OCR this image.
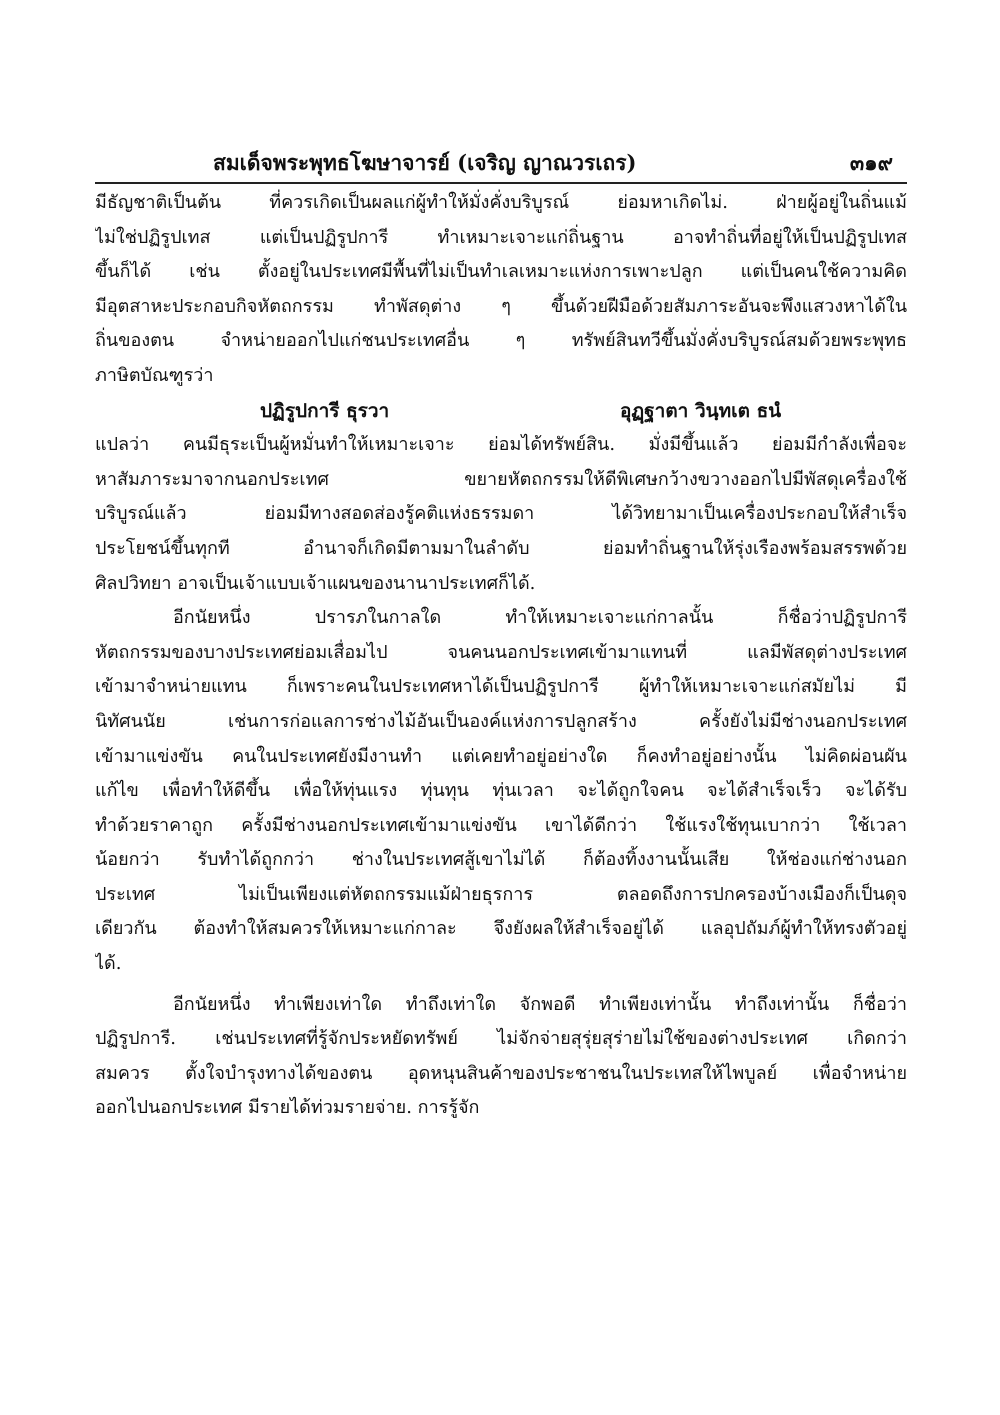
สมเด็จพระพุทธโฆษาจารย์ (เจริญ ญาณวรเถร)	๓๑๙
มีธัญชาติเป็นต้น ที่ควรเกิดเป็นผลแก่ผู้ทำให้มั่งคั่งบริบูรณ์ ย่อมหาเกิดไม่. ฝ่ายผู้อยู่ในถิ่นแม้
ไม่ใช่ปฏิรูปเทส แต่เป็นปฏิรูปการี ทำเหมาะเจาะแก่ถิ่นฐาน อาจทำถิ่นที่อยู่ให้เป็นปฏิรูปเทส
ขึ้นก็ได้ เช่น ตั้งอยู่ในประเทศมีพื้นที่ไม่เป็นทำเลเหมาะแห่งการเพาะปลูก แต่เป็นคนใช้ความคิด
มีอุตสาหะประกอบกิจหัตถกรรม ทำพัสดุต่าง ๆ ขึ้นด้วยฝีมือด้วยสัมภาระอันจะพึงแสวงหาได้ใน
ถิ่นของตน จำหน่ายออกไปแก่ชนประเทศอื่น ๆ ทรัพย์สินทวีขึ้นมั่งคั่งบริบูรณ์สมด้วยพระพุทธ
ภาษิตบัณฑูรว่า
ปฏิรูปการี ธุรวา	อุฏฺฐาตา วินฺทเต ธนํ
แปลว่า คนมีธุระเป็นผู้หมั่นทำให้เหมาะเจาะ ย่อมได้ทรัพย์สิน. มั่งมีขึ้นแล้ว ย่อมมีกำลังเพื่อจะ
หาสัมภาระมาจากนอกประเทศ ขยายหัตถกรรมให้ดีพิเศษกว้างขวางออกไปมีพัสดุเครื่องใช้
บริบูรณ์แล้ว ย่อมมีทางสอดส่องรู้คติแห่งธรรมดา ได้วิทยามาเป็นเครื่องประกอบให้สำเร็จ
ประโยชน์ขึ้นทุกที อำนาจก็เกิดมีตามมาในลำดับ ย่อมทำถิ่นฐานให้รุ่งเรืองพร้อมสรรพด้วย
ศิลปวิทยา อาจเป็นเจ้าแบบเจ้าแผนของนานาประเทศก็ได้.
อีกนัยหนึ่ง ปรารภในกาลใด ทำให้เหมาะเจาะแก่กาลนั้น ก็ชื่อว่าปฏิรูปการี
หัตถกรรมของบางประเทศย่อมเสื่อมไป จนคนนอกประเทศเข้ามาแทนที่ แลมีพัสดุต่างประเทศ
เข้ามาจำหน่ายแทน ก็เพราะคนในประเทศหาได้เป็นปฏิรูปการี ผู้ทำให้เหมาะเจาะแก่สมัยไม่ มี
นิทัศนนัย เช่นการก่อแลการช่างไม้อันเป็นองค์แห่งการปลูกสร้าง ครั้งยังไม่มีช่างนอกประเทศ
เข้ามาแข่งขัน คนในประเทศยังมีงานทำ แต่เคยทำอยู่อย่างใด ก็คงทำอยู่อย่างนั้น ไม่คิดผ่อนผัน
แก้ไข เพื่อทำให้ดีขึ้น เพื่อให้ทุ่นแรง ทุ่นทุน ทุ่นเวลา จะได้ถูกใจคน จะได้สำเร็จเร็ว จะได้รับ
ทำด้วยราคาถูก ครั้งมีช่างนอกประเทศเข้ามาแข่งขัน เขาได้ดีกว่า ใช้แรงใช้ทุนเบากว่า ใช้เวลา
น้อยกว่า รับทำได้ถูกกว่า ช่างในประเทศสู้เขาไม่ได้ ก็ต้องทิ้งงานนั้นเสีย ให้ช่องแก่ช่างนอก
ประเทศ ไม่เป็นเพียงแต่หัตถกรรมแม้ฝ่ายธุรการ ตลอดถึงการปกครองบ้างเมืองก็เป็นดุจ
เดียวกัน ต้องทำให้สมควรให้เหมาะแก่กาละ จึงยังผลให้สำเร็จอยู่ได้ แลอุปถัมภ์ผู้ทำให้ทรงตัวอยู่
ได้.
อีกนัยหนึ่ง ทำเพียงเท่าใด ทำถึงเท่าใด จักพอดี ทำเพียงเท่านั้น ทำถึงเท่านั้น ก็ชื่อว่า
ปฏิรูปการี. เช่นประเทศที่รู้จักประหยัดทรัพย์ ไม่จักจ่ายสุรุ่ยสุร่ายไม่ใช้ของต่างประเทศ เกิดกว่า
สมควร ตั้งใจบำรุงทางได้ของตน อุดหนุนสินค้าของประชาชนในประเทสให้ไพบูลย์ เพื่อจำหน่าย
ออกไปนอกประเทศ มีรายได้ท่วมรายจ่าย. การรู้จัก
